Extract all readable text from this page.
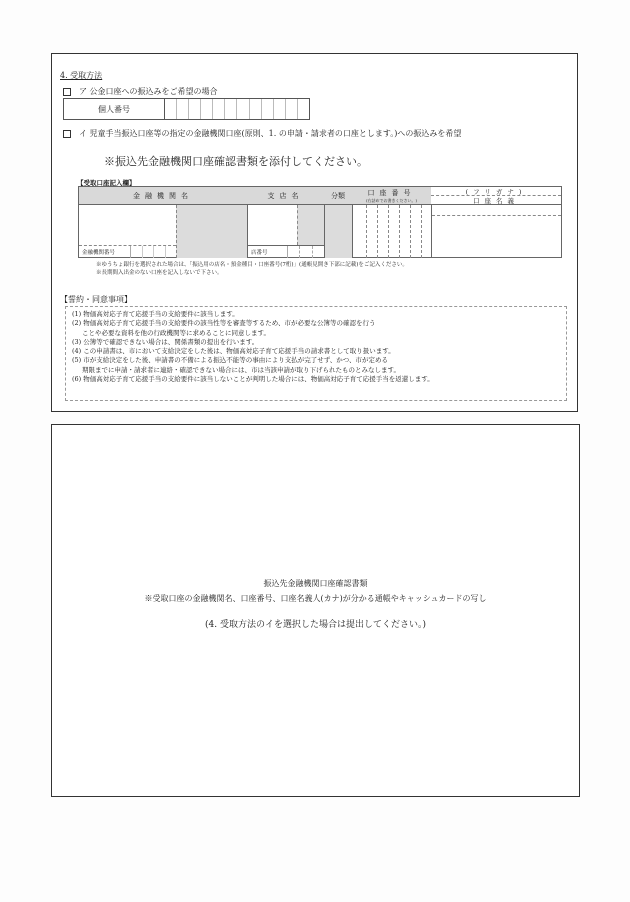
4. 受取方法
ア 公金口座への振込みをご希望の場合
個人番号
イ 児童手当振込口座等の指定の金融機関口座(原則、1. の申請・請求者の口座とします。)への振込みを希望
※振込先金融機関口座確認書類を添付してください。
【受取口座記入欄】
金融機関名	支店名	分類	口座番号
(右詰めでお書きください。)
(フリガナ)
口座名義
金融機関番号	店番号
※ゆうちょ銀行を選択された場合は、「振込用の店名・預金種目・口座番号(7桁)」(通帳見開き下部に記載)をご記入ください。
※長期間入出金のない口座を記入しないで下さい。
【誓約・同意事項】
(1) 物価高対応子育て応援手当の支給要件に該当します。
(2) 物価高対応子育て応援手当の支給要件の該当性等を審査等するため、市が必要な公簿等の確認を行う
ことや必要な資料を他の行政機関等に求めることに同意します。
(3) 公簿等で確認できない場合は、関係書類の提出を行います。
(4) この申請書は、市において支給決定をした後は、物価高対応子育て応援手当の請求書として取り扱います。
(5) 市が支給決定をした後、申請書の不備による振込不能等の事由により支払が完了せず、かつ、市が定める
期限までに申請・請求者に連絡・確認できない場合には、市は当該申請が取り下げられたものとみなします。
(6) 物価高対応子育て応援手当の支給要件に該当しないことが判明した場合には、物価高対応子育て応援手当を返還します。
振込先金融機関口座確認書類
※受取口座の金融機関名、口座番号、口座名義人(カナ)が分かる通帳やキャッシュカードの写し
(4. 受取方法のイを選択した場合は提出してください。)
